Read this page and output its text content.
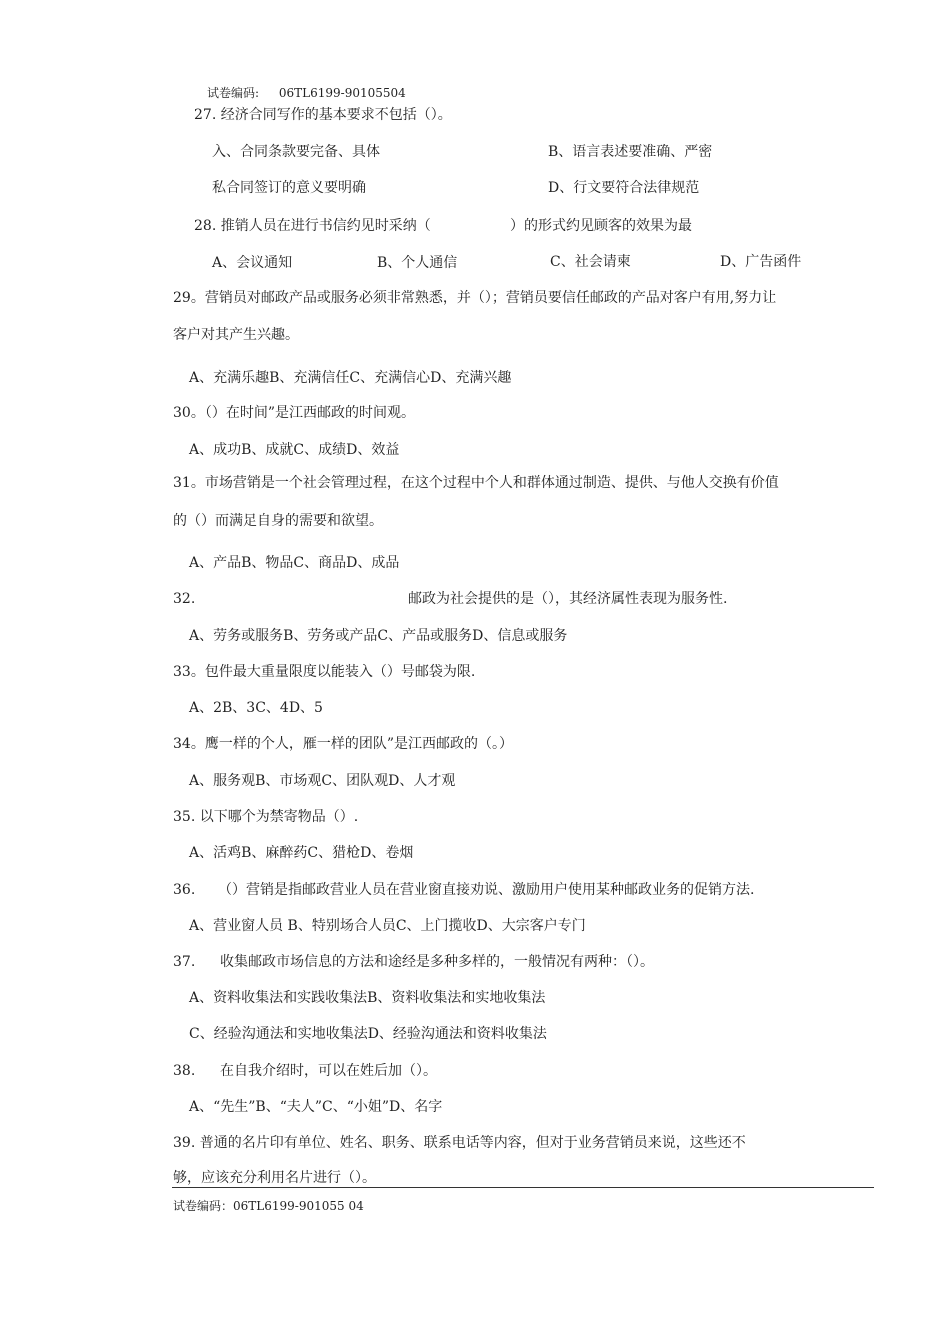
试卷编码: 06TL6199-90105504
27. 经济合同写作的基本要求不包括（）。
入、合同条款要完备、具体	B、语言表述要准确、严密
私合同签订的意义要明确	D、行文要符合法律规范
28. 推销人员在进行书信约见时采纳（	）的形式约见顾客的效果为最
A、会议通知	B、个人通信	C、社会请柬	D、广告函件
29。营销员对邮政产品或服务必须非常熟悉，并（）；营销员要信任邮政的产品对客户有用,努力让
客户对其产生兴趣。
A、充满乐趣B、充满信任C、充满信心D、充满兴趣
30。（）在时间”是江西邮政的时间观。
A、成功B、成就C、成绩D、效益
31。市场营销是一个社会管理过程，在这个过程中个人和群体通过制造、提供、与他人交换有价值
的（）而满足自身的需要和欲望。
A、产品B、物品C、商品D、成品
32.	邮政为社会提供的是（），其经济属性表现为服务性.
A、劳务或服务B、劳务或产品C、产品或服务D、信息或服务
33。包件最大重量限度以能装入（）号邮袋为限.
A、2B、3C、4D、5
34。鹰一样的个人，雁一样的团队”是江西邮政的（。）
A、服务观B、市场观C、团队观D、人才观
35. 以下哪个为禁寄物品（）.
A、活鸡B、麻醉药C、猎枪D、卷烟
36. （）营销是指邮政营业人员在营业窗直接劝说、激励用户使用某种邮政业务的促销方法.
A、营业窗人员 B、特别场合人员C、上门揽收D、大宗客户专门
37. 收集邮政市场信息的方法和途经是多种多样的，一般情况有两种：（）。
A、资料收集法和实践收集法B、资料收集法和实地收集法
C、经验沟通法和实地收集法D、经验沟通法和资料收集法
38. 在自我介绍时，可以在姓后加（）。
A、“先生”B、“夫人”C、“小姐”D、名字
39. 普通的名片印有单位、姓名、职务、联系电话等内容，但对于业务营销员来说，这些还不
够，应该充分利用名片进行（）。
试卷编码：06TL6199-901055 04
